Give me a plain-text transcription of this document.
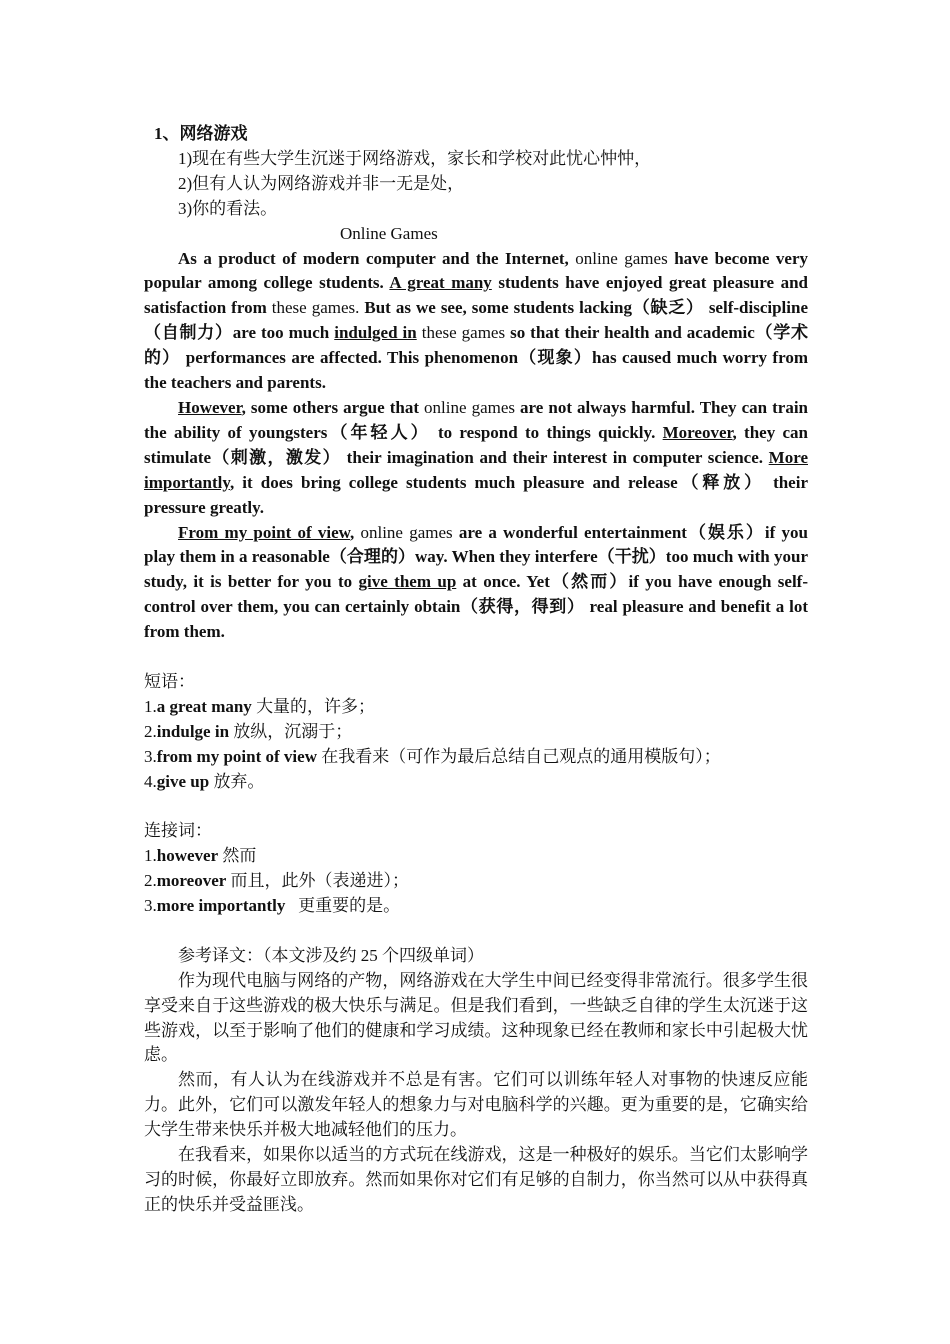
1、网络游戏

1)现在有些大学生沉迷于网络游戏，家长和学校对此忧心忡忡，

2)但有人认为网络游戏并非一无是处，

3)你的看法。

Online Games

As a product of modern computer and the Internet, online games have become very popular among college students. A great many students have enjoyed great pleasure and satisfaction from these games. But as we see, some students lacking（缺乏） self-discipline（自制力）are too much indulged in these games so that their health and academic（学术的） performances are affected. This phenomenon（现象）has caused much worry from the teachers and parents.

However, some others argue that online games are not always harmful. They can train the ability of youngsters（年轻人） to respond to things quickly. Moreover, they can stimulate（刺激，激发） their imagination and their interest in computer science. More importantly, it does bring college students much pleasure and release（释放） their pressure greatly.

From my point of view, online games are a wonderful entertainment（娱乐）if you play them in a reasonable（合理的）way. When they interfere（干扰）too much with your study, it is better for you to give them up at once. Yet（然而）if you have enough self-control over them, you can certainly obtain（获得，得到） real pleasure and benefit a lot from them.

短语：

1.a great many 大量的，许多；

2.indulge in 放纵，沉溺于；

3.from my point of view 在我看来（可作为最后总结自己观点的通用模版句）；

4.give up 放弃。

连接词：

1.however 然而

2.moreover 而且，此外（表递进）；

3.more importantly   更重要的是。

参考译文：（本文涉及约 25 个四级单词）

作为现代电脑与网络的产物，网络游戏在大学生中间已经变得非常流行。很多学生很享受来自于这些游戏的极大快乐与满足。但是我们看到，一些缺乏自律的学生太沉迷于这些游戏，以至于影响了他们的健康和学习成绩。这种现象已经在教师和家长中引起极大忧虑。

然而，有人认为在线游戏并不总是有害。它们可以训练年轻人对事物的快速反应能力。此外，它们可以激发年轻人的想象力与对电脑科学的兴趣。更为重要的是，它确实给大学生带来快乐并极大地减轻他们的压力。

在我看来，如果你以适当的方式玩在线游戏，这是一种极好的娱乐。当它们太影响学习的时候，你最好立即放弃。然而如果你对它们有足够的自制力，你当然可以从中获得真正的快乐并受益匪浅。
